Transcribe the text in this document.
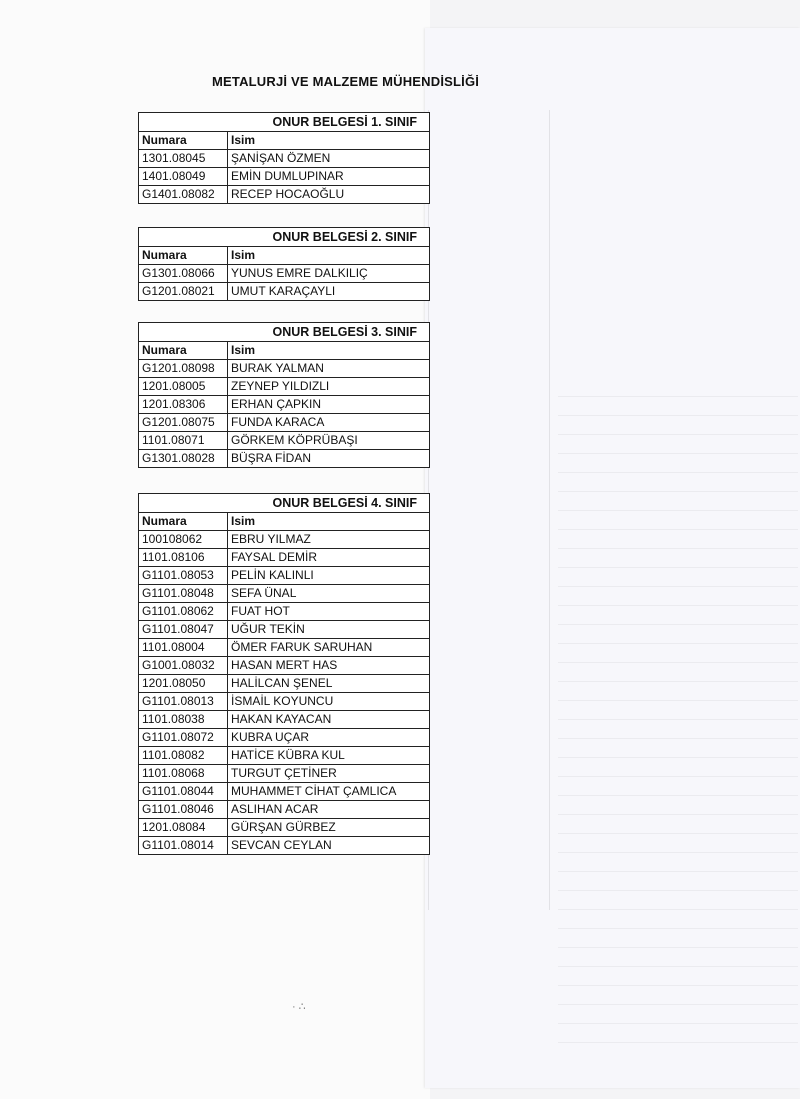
METALURJİ VE MALZEME MÜHENDİSLİĞİ
ONUR BELGESİ 1. SINIF	
Numara	Isim
1301.08045	ŞANİŞAN ÖZMEN
1401.08049	EMİN DUMLUPINAR
G1401.08082	RECEP HOCAOĞLU
ONUR BELGESİ 2. SINIF	
Numara	Isim
G1301.08066	YUNUS EMRE DALKILIÇ
G1201.08021	UMUT KARAÇAYLI
ONUR BELGESİ 3. SINIF	
Numara	Isim
G1201.08098	BURAK YALMAN
1201.08005	ZEYNEP YILDIZLI
1201.08306	ERHAN ÇAPKIN
G1201.08075	FUNDA KARACA
1101.08071	GÖRKEM KÖPRÜBAŞI
G1301.08028	BÜŞRA FİDAN
ONUR BELGESİ 4. SINIF	
Numara	Isim
100108062	EBRU YILMAZ
1101.08106	FAYSAL DEMİR
G1101.08053	PELİN KALINLI
G1101.08048	SEFA ÜNAL
G1101.08062	FUAT HOT
G1101.08047	UĞUR TEKİN
1101.08004	ÖMER FARUK SARUHAN
G1001.08032	HASAN MERT HAS
1201.08050	HALİLCAN ŞENEL
G1101.08013	İSMAİL KOYUNCU
1101.08038	HAKAN KAYACAN
G1101.08072	KUBRA UÇAR
1101.08082	HATİCE KÜBRA KUL
1101.08068	TURGUT ÇETİNER
G1101.08044	MUHAMMET CİHAT ÇAMLICA
G1101.08046	ASLIHAN ACAR
1201.08084	GÜRŞAN GÜRBEZ
G1101.08014	SEVCAN CEYLAN
· ∴
